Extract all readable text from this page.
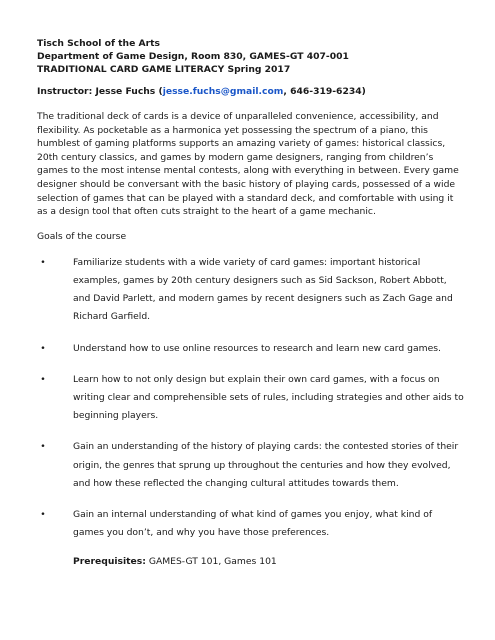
Tisch School of the Arts
Department of Game Design, Room 830, GAMES-GT 407-001
TRADITIONAL CARD GAME LITERACY Spring 2017
Instructor: Jesse Fuchs (jesse.fuchs@gmail.com, 646-319-6234)
The traditional deck of cards is a device of unparalleled convenience, accessibility, and flexibility. As pocketable as a harmonica yet possessing the spectrum of a piano, this humblest of gaming platforms supports an amazing variety of games: historical classics, 20th century classics, and games by modern game designers, ranging from children’s games to the most intense mental contests, along with everything in between. Every game designer should be conversant with the basic history of playing cards, possessed of a wide selection of games that can be played with a standard deck, and comfortable with using it as a design tool that often cuts straight to the heart of a game mechanic.
Goals of the course
•	Familiarize students with a wide variety of card games: important historical examples, games by 20th century designers such as Sid Sackson, Robert Abbott, and David Parlett, and modern games by recent designers such as Zach Gage and Richard Garfield.
•	Understand how to use online resources to research and learn new card games.
•	Learn how to not only design but explain their own card games, with a focus on writing clear and comprehensible sets of rules, including strategies and other aids to beginning players.
•	Gain an understanding of the history of playing cards: the contested stories of their origin, the genres that sprung up throughout the centuries and how they evolved, and how these reflected the changing cultural attitudes towards them.
•	Gain an internal understanding of what kind of games you enjoy, what kind of games you don’t, and why you have those preferences.
Prerequisites: GAMES-GT 101, Games 101
